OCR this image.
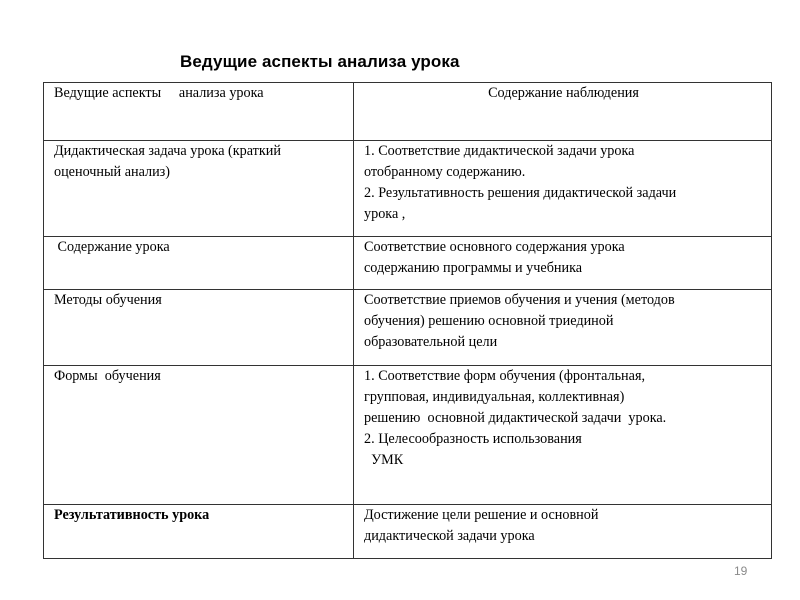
Ведущие аспекты анализа урока
Ведущие аспекты     анализа урока	Содержание наблюдения

Дидактическая задача урока (краткий
оценочный анализ)	1. Соответствие дидактической задачи урока
отобранному содержанию.
2. Результативность решения дидактической задачи
урока ,

Содержание урока	Соответствие основного содержания урока
содержанию программы и учебника

Методы обучения	Соответствие приемов обучения и учения (методов
обучения) решению основной триединой
образовательной цели

Формы  обучения	1. Соответствие форм обучения (фронтальная,
групповая, индивидуальная, коллективная)
решению  основной дидактической задачи  урока.
2. Целесообразность использования
УМК

Результативность урока	Достижение цели решение и основной
дидактической задачи урока
19
